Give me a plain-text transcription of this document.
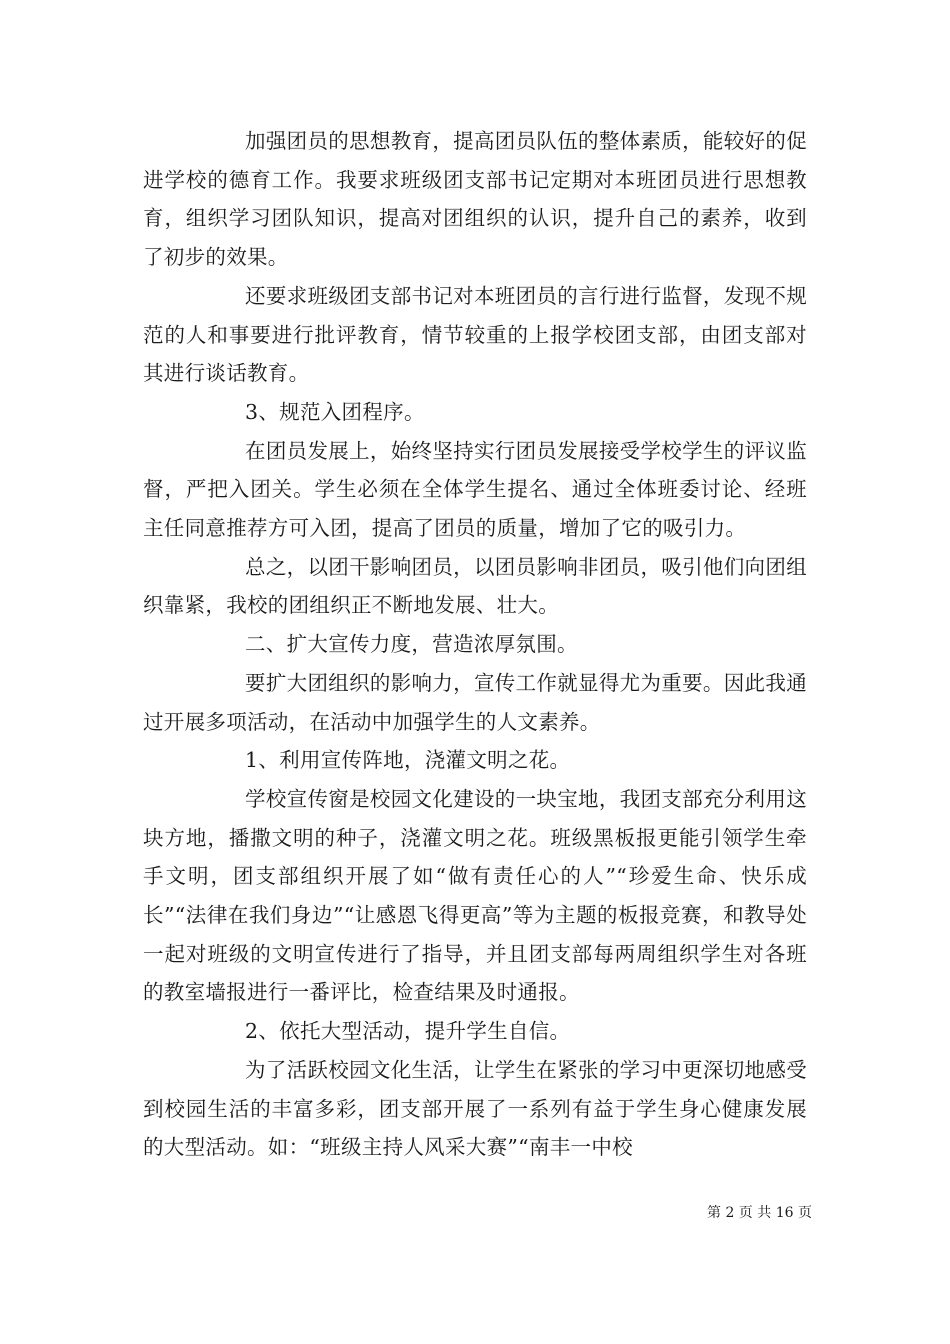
加强团员的思想教育，提高团员队伍的整体素质，能较好的促进学校的德育工作。我要求班级团支部书记定期对本班团员进行思想教育，组织学习团队知识，提高对团组织的认识，提升自己的素养，收到了初步的效果。

还要求班级团支部书记对本班团员的言行进行监督，发现不规范的人和事要进行批评教育，情节较重的上报学校团支部，由团支部对其进行谈话教育。

3、规范入团程序。

在团员发展上，始终坚持实行团员发展接受学校学生的评议监督，严把入团关。学生必须在全体学生提名、通过全体班委讨论、经班主任同意推荐方可入团，提高了团员的质量，增加了它的吸引力。

总之，以团干影响团员，以团员影响非团员，吸引他们向团组织靠紧，我校的团组织正不断地发展、壮大。

二、扩大宣传力度，营造浓厚氛围。

要扩大团组织的影响力，宣传工作就显得尤为重要。因此我通过开展多项活动，在活动中加强学生的人文素养。

1、利用宣传阵地，浇灌文明之花。

学校宣传窗是校园文化建设的一块宝地，我团支部充分利用这块方地，播撒文明的种子，浇灌文明之花。班级黑板报更能引领学生牵手文明，团支部组织开展了如“做有责任心的人”“珍爱生命、快乐成长”“法律在我们身边”“让感恩飞得更高”等为主题的板报竞赛，和教导处一起对班级的文明宣传进行了指导，并且团支部每两周组织学生对各班的教室墙报进行一番评比，检查结果及时通报。

2、依托大型活动，提升学生自信。

为了活跃校园文化生活，让学生在紧张的学习中更深切地感受到校园生活的丰富多彩，团支部开展了一系列有益于学生身心健康发展的大型活动。如：“班级主持人风采大赛”“南丰一中校

第 2 页 共 16 页
